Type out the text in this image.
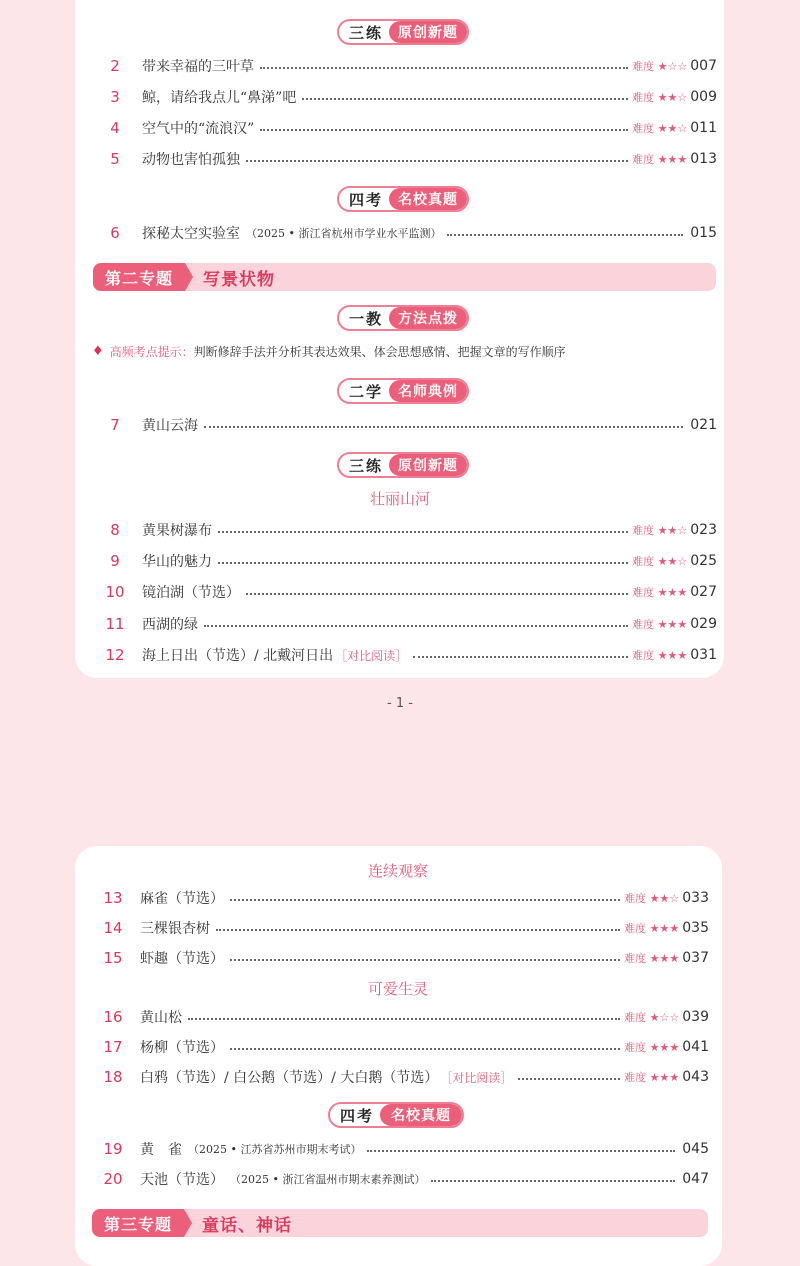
三练	原创新题
2	带来幸福的三叶草	难度 ★☆☆ 007
3	鲸，请给我点儿“鼻涕”吧	难度 ★★☆ 009
4	空气中的“流浪汉”	难度 ★★☆ 011
5	动物也害怕孤独	难度 ★★★ 013
四考	名校真题
6	探秘太空实验室 （2025 • 浙江省杭州市学业水平监测）	015
第二专题	写景状物
一教	方法点拨
♦ 高频考点提示： 判断修辞手法并分析其表达效果、体会思想感情、把握文章的写作顺序
二学	名师典例
7	黄山云海	021
三练	原创新题
壮丽山河
8	黄果树瀑布	难度 ★★☆ 023
9	华山的魅力	难度 ★★☆ 025
10	镜泊湖（节选）	难度 ★★★ 027
11	西湖的绿	难度 ★★★ 029
12	海上日出（节选）/ 北戴河日出 ［对比阅读］	难度 ★★★ 031
- 1 -
连续观察
13	麻雀（节选）	难度 ★★☆ 033
14	三棵银杏树	难度 ★★★ 035
15	虾趣（节选）	难度 ★★★ 037
可爱生灵
16	黄山松	难度 ★☆☆ 039
17	杨柳（节选）	难度 ★★★ 041
18	白鸦（节选）/ 白公鹅（节选）/ 大白鹅（节选） ［对比阅读］	难度 ★★★ 043
四考	名校真题
19	黄　雀 （2025 • 江苏省苏州市期末考试）	045
20	天池（节选） （2025 • 浙江省温州市期末素养测试）	047
第三专题	童话、神话
